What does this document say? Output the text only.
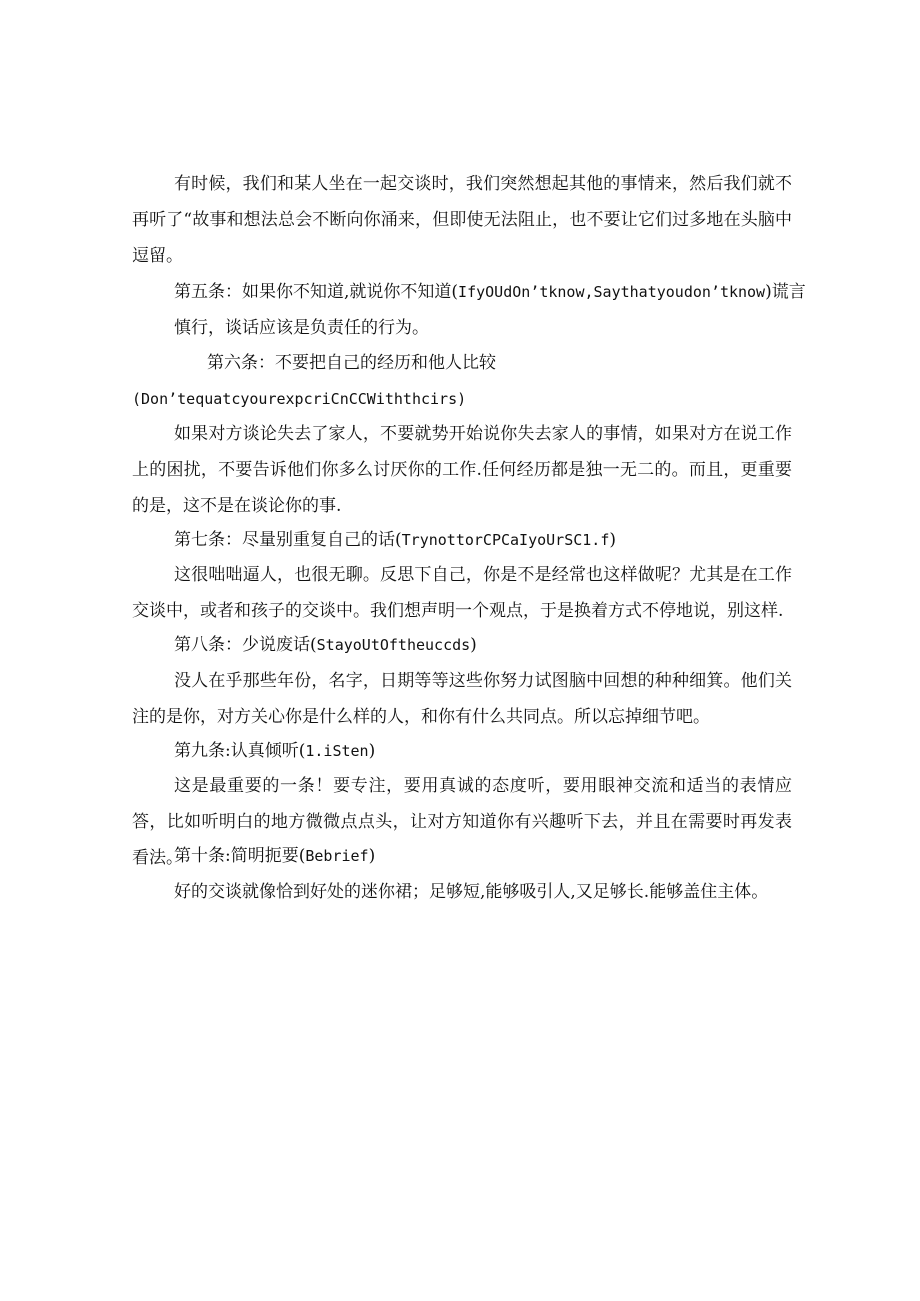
有时候，我们和某人坐在一起交谈时，我们突然想起其他的事情来，然后我们就不再听了“故事和想法总会不断向你涌来，但即使无法阻止，也不要让它们过多地在头脑中逗留。

第五条：如果你不知道,就说你不知道(IfyOUdOn’tknow,Saythatyoudon’tknow)谎言
慎行，谈话应该是负责任的行为。
第六条：不要把自己的经历和他人比较
(Don’tequatcyourexpcriCnCCWiththcirs)

如果对方谈论失去了家人，不要就势开始说你失去家人的事情，如果对方在说工作上的困扰，不要告诉他们你多么讨厌你的工作.任何经历都是独一无二的。而且，更重要的是，这不是在谈论你的事.

第七条：尽量别重复自己的话(TrynottorCPCaIyoUrSC1.f)

这很咄咄逼人，也很无聊。反思下自己，你是不是经常也这样做呢？尤其是在工作交谈中，或者和孩子的交谈中。我们想声明一个观点，于是换着方式不停地说，别这样.

第八条：少说废话(StayoUtOftheuccds)

没人在乎那些年份，名字，日期等等这些你努力试图脑中回想的种种细箕。他们关注的是你，对方关心你是什么样的人，和你有什么共同点。所以忘掉细节吧。

第九条:认真倾听(1.iSten)

这是最重要的一条！要专注，要用真诚的态度听，要用眼神交流和适当的表情应答，比如听明白的地方微微点点头，让对方知道你有兴趣听下去，并且在需要时再发表看法。

第十条:简明扼要(Bebrief)

好的交谈就像恰到好处的迷你裙；足够短,能够吸引人,又足够长.能够盖住主体。
